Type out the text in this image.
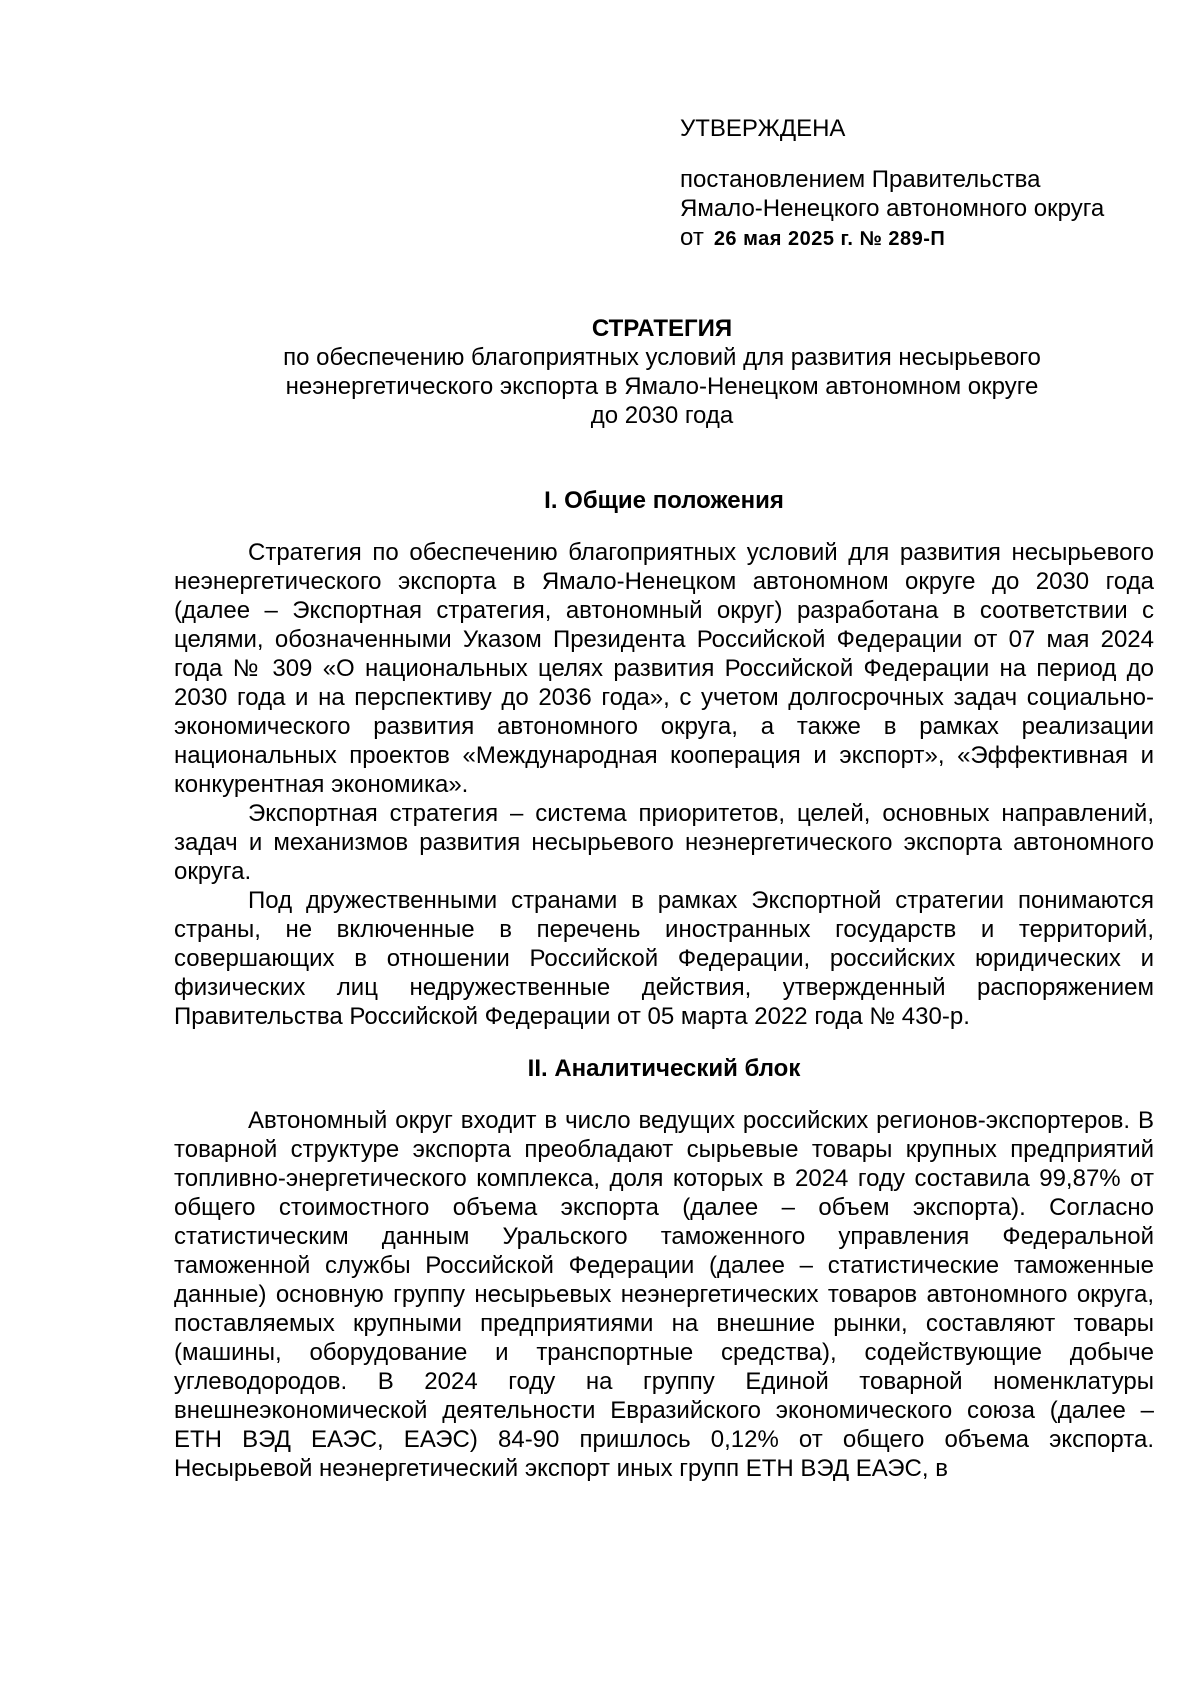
УТВЕРЖДЕНА
постановлением Правительства
Ямало-Ненецкого автономного округа
от 26 мая 2025 г. № 289-П

СТРАТЕГИЯ

по обеспечению благоприятных условий для развития несырьевого

неэнергетического экспорта в Ямало-Ненецком автономном округе

до 2030 года

I. Общие положения

Стратегия по обеспечению благоприятных условий для развития несырьевого неэнергетического экспорта в Ямало-Ненецком автономном округе до 2030 года (далее – Экспортная стратегия, автономный округ) разработана в соответствии с целями, обозначенными Указом Президента Российской Федерации от 07 мая 2024 года № 309 «О национальных целях развития Российской Федерации на период до 2030 года и на перспективу до 2036 года», с учетом долгосрочных задач социально-экономического развития автономного округа, а также в рамках реализации национальных проектов «Международная кооперация и экспорт», «Эффективная и конкурентная экономика».

Экспортная стратегия – система приоритетов, целей, основных направлений, задач и механизмов развития несырьевого неэнергетического экспорта автономного округа.

Под дружественными странами в рамках Экспортной стратегии понимаются страны, не включенные в перечень иностранных государств и территорий, совершающих в отношении Российской Федерации, российских юридических и физических лиц недружественные действия, утвержденный распоряжением Правительства Российской Федерации от 05 марта 2022 года № 430-р.

II. Аналитический блок

Автономный округ входит в число ведущих российских регионов-экспортеров. В товарной структуре экспорта преобладают сырьевые товары крупных предприятий топливно-энергетического комплекса, доля которых в 2024 году составила 99,87% от общего стоимостного объема экспорта (далее – объем экспорта). Согласно статистическим данным Уральского таможенного управления Федеральной таможенной службы Российской Федерации (далее – статистические таможенные данные) основную группу несырьевых неэнергетических товаров автономного округа, поставляемых крупными предприятиями на внешние рынки, составляют товары (машины, оборудование и транспортные средства), содействующие добыче углеводородов. В 2024 году на группу Единой товарной номенклатуры внешнеэкономической деятельности Евразийского экономического союза (далее – ЕТН ВЭД ЕАЭС, ЕАЭС) 84-90 пришлось 0,12% от общего объема экспорта. Несырьевой неэнергетический экспорт иных групп ЕТН ВЭД ЕАЭС, в
